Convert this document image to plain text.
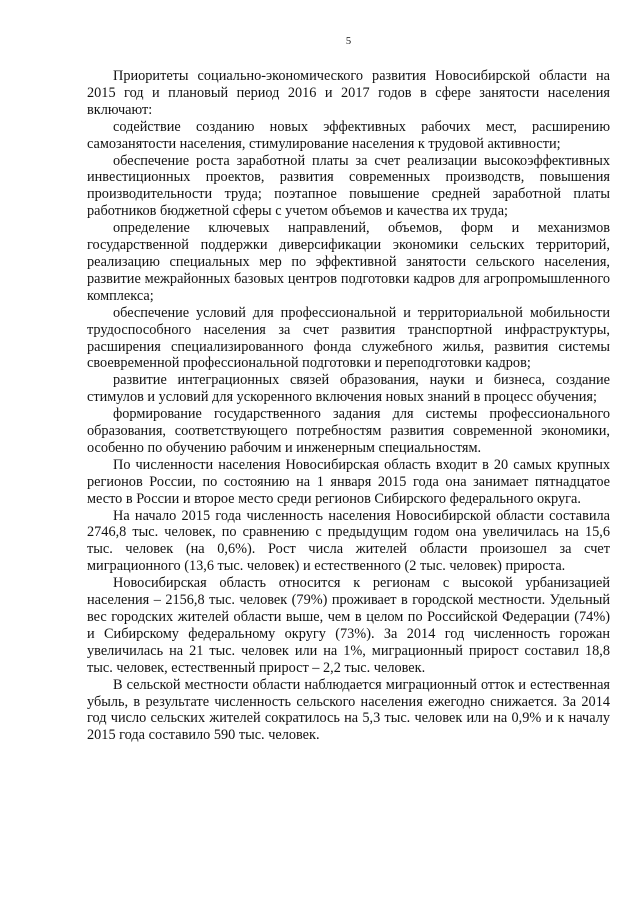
5

Приоритеты социально-экономического развития Новосибирской области на 2015 год и плановый период 2016 и 2017 годов в сфере занятости населения включают:

содействие созданию новых эффективных рабочих мест, расширению самозанятости населения, стимулирование населения к трудовой активности;

обеспечение роста заработной платы за счет реализации высокоэффективных инвестиционных проектов, развития современных производств, повышения производительности труда; поэтапное повышение средней заработной платы работников бюджетной сферы с учетом объемов и качества их труда;

определение ключевых направлений, объемов, форм и механизмов государственной поддержки диверсификации экономики сельских территорий, реализацию специальных мер по эффективной занятости сельского населения, развитие межрайонных базовых центров подготовки кадров для агропромышленного комплекса;

обеспечение условий для профессиональной и территориальной мобильности трудоспособного населения за счет развития транспортной инфраструктуры, расширения специализированного фонда служебного жилья, развития системы своевременной профессиональной подготовки и переподготовки кадров;

развитие интеграционных связей образования, науки и бизнеса, создание стимулов и условий для ускоренного включения новых знаний в процесс обучения;

формирование государственного задания для системы профессионального образования, соответствующего потребностям развития современной экономики, особенно по обучению рабочим и инженерным специальностям.

По численности населения Новосибирская область входит в 20 самых крупных регионов России, по состоянию на 1 января 2015 года она занимает пятнадцатое место в России и второе место среди регионов Сибирского федерального округа.

На начало 2015 года численность населения Новосибирской области составила 2746,8 тыс. человек, по сравнению с предыдущим годом она увеличилась на 15,6 тыс. человек (на 0,6%). Рост числа жителей области произошел за счет миграционного (13,6 тыс. человек) и естественного (2 тыс. человек) прироста.

Новосибирская область относится к регионам с высокой урбанизацией населения – 2156,8 тыс. человек (79%) проживает в городской местности. Удельный вес городских жителей области выше, чем в целом по Российской Федерации (74%) и Сибирскому федеральному округу (73%). За 2014 год численность горожан увеличилась на 21 тыс. человек или на 1%, миграционный прирост составил 18,8 тыс. человек, естественный прирост – 2,2 тыс. человек.

В сельской местности области наблюдается миграционный отток и естественная убыль, в результате численность сельского населения ежегодно снижается. За 2014 год число сельских жителей сократилось на 5,3 тыс. человек или на 0,9% и к началу 2015 года составило 590 тыс. человек.
